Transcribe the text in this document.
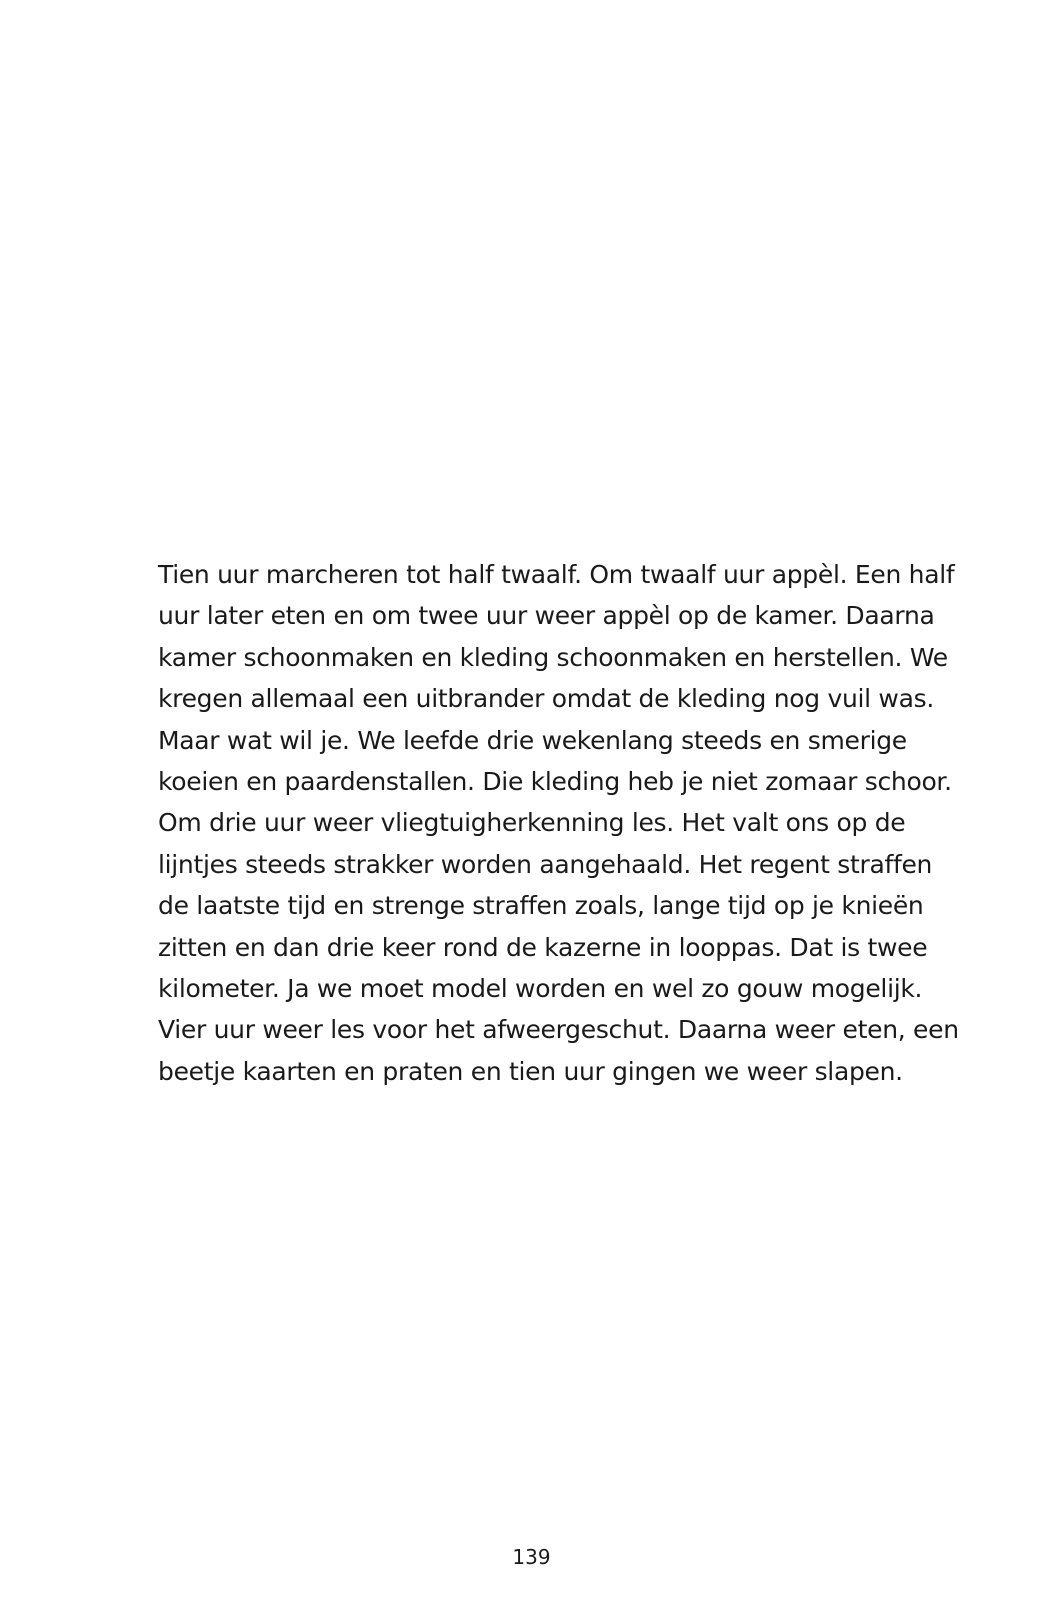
Tien uur marcheren tot half twaalf. Om twaalf uur appèl. Een half
uur later eten en om twee uur weer appèl op de kamer. Daarna
kamer schoonmaken en kleding schoonmaken en herstellen. We
kregen allemaal een uitbrander omdat de kleding nog vuil was.
Maar wat wil je. We leefde drie wekenlang steeds en smerige
koeien en paardenstallen. Die kleding heb je niet zomaar schoor.
Om drie uur weer vliegtuigherkenning les. Het valt ons op de
lijntjes steeds strakker worden aangehaald. Het regent straffen
de laatste tijd en strenge straffen zoals, lange tijd op je knieën
zitten en dan drie keer rond de kazerne in looppas. Dat is twee
kilometer. Ja we moet model worden en wel zo gouw mogelijk.
Vier uur weer les voor het afweergeschut. Daarna weer eten, een
beetje kaarten en praten en tien uur gingen we weer slapen.
139
